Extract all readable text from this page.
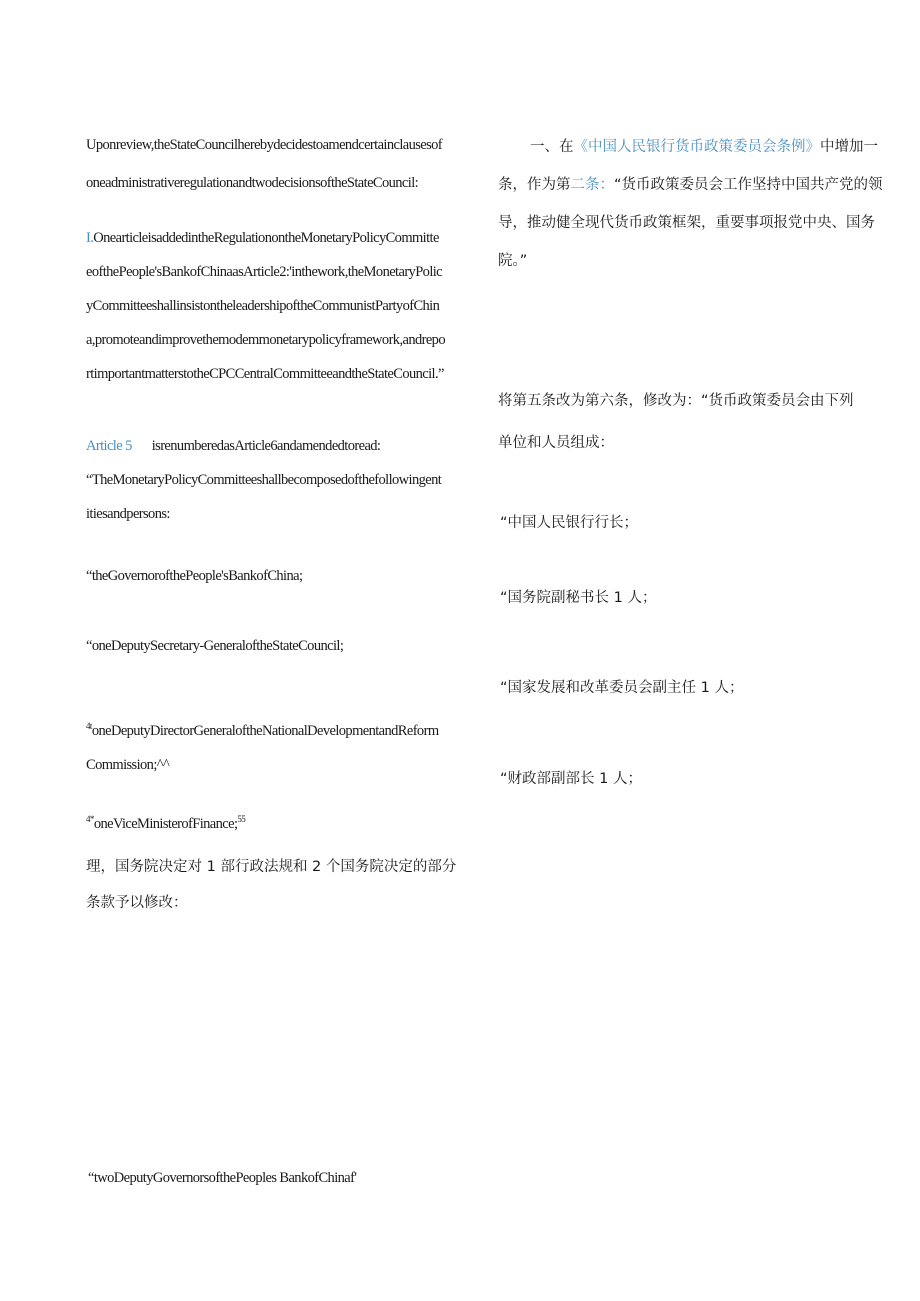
Uponreview,theStateCouncilherebydecidestoamendcertainclausesof
oneadministrativeregulationandtwodecisionsoftheStateCouncil:
I.OnearticleisaddedintheRegulationontheMonetaryPolicyCommitte
eofthePeople'sBankofChinaasArticle2:'inthework,theMonetaryPolic
yCommitteeshallinsistontheleadershipoftheCommunistPartyofChin
a,promoteandimprovethemodemmonetarypolicyframework,andrepo
rtimportantmatterstotheCPCCentralCommitteeandtheStateCouncil.”
Article 5 isrenumberedasArticle6andamendedtoread:
“TheMonetaryPolicyCommitteeshallbecomposedofthefollowingent
itiesandpersons:
“theGovernoroftheP​eople'sBankofChina;
“oneDeputySecretary-GeneraloftheStateCouncil;
$^{4t}$oneDeputyDirectorGeneraloftheNationalDevelopmentandReform
Commission;^^
$^{4*}$oneViceMinisterofFinance;$^{55}$
理，国务院决定对 1 部行政法规和 2 个国务院决定的部分
条款予以修改：
“twoDeputyGovernorsofthePeople‍s BankofChinaf'
一、在《中国人民银行货币政策委员会条例》中增加一
条，作为第二条：“货币政策委员会工作坚持中国共产党的领
导，推动健全现代货币政策框架，重要事项报党中央、国务
院。”
将第五条改为第六条，修改为：“货币政策委员会由下列
单位和人员组成：
“中国人民银行行长；
“国务院副秘书长 1 人；
“国家发展和改革委员会副主任 1 人；
“财政部副部长 1 人；
